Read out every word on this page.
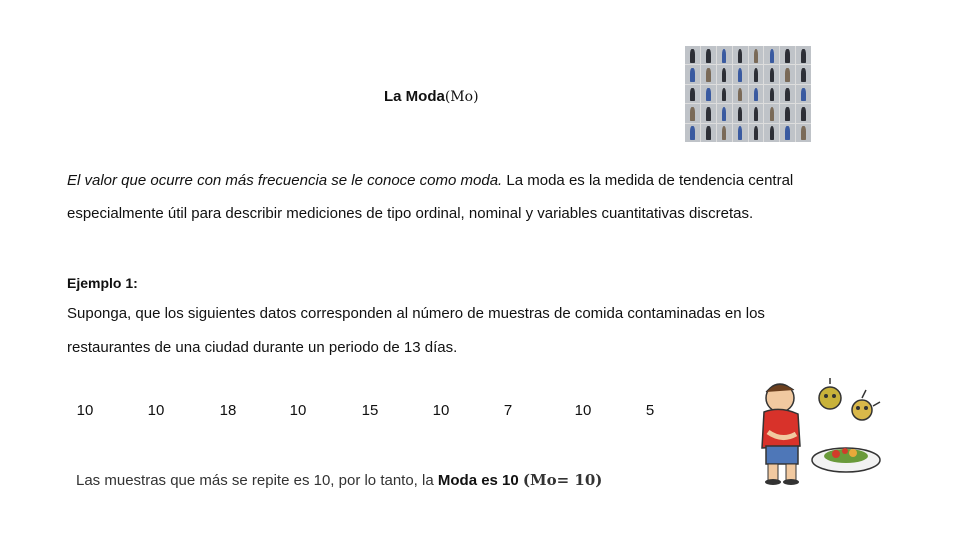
La Moda(Mo)
El valor que ocurre con más frecuencia se le conoce como moda. La moda es la medida de tendencia central
especialmente útil para describir mediciones de tipo ordinal, nominal y variables cuantitativas discretas.
Ejemplo 1:
Suponga, que los siguientes datos corresponden al número de muestras de comida contaminadas en los
restaurantes de una ciudad durante un periodo de 13 días.
10	10	18	10	15	10	7	10	5
Las muestras que más se repite es 10, por lo tanto, la Moda es 10 (Mo= 10)
